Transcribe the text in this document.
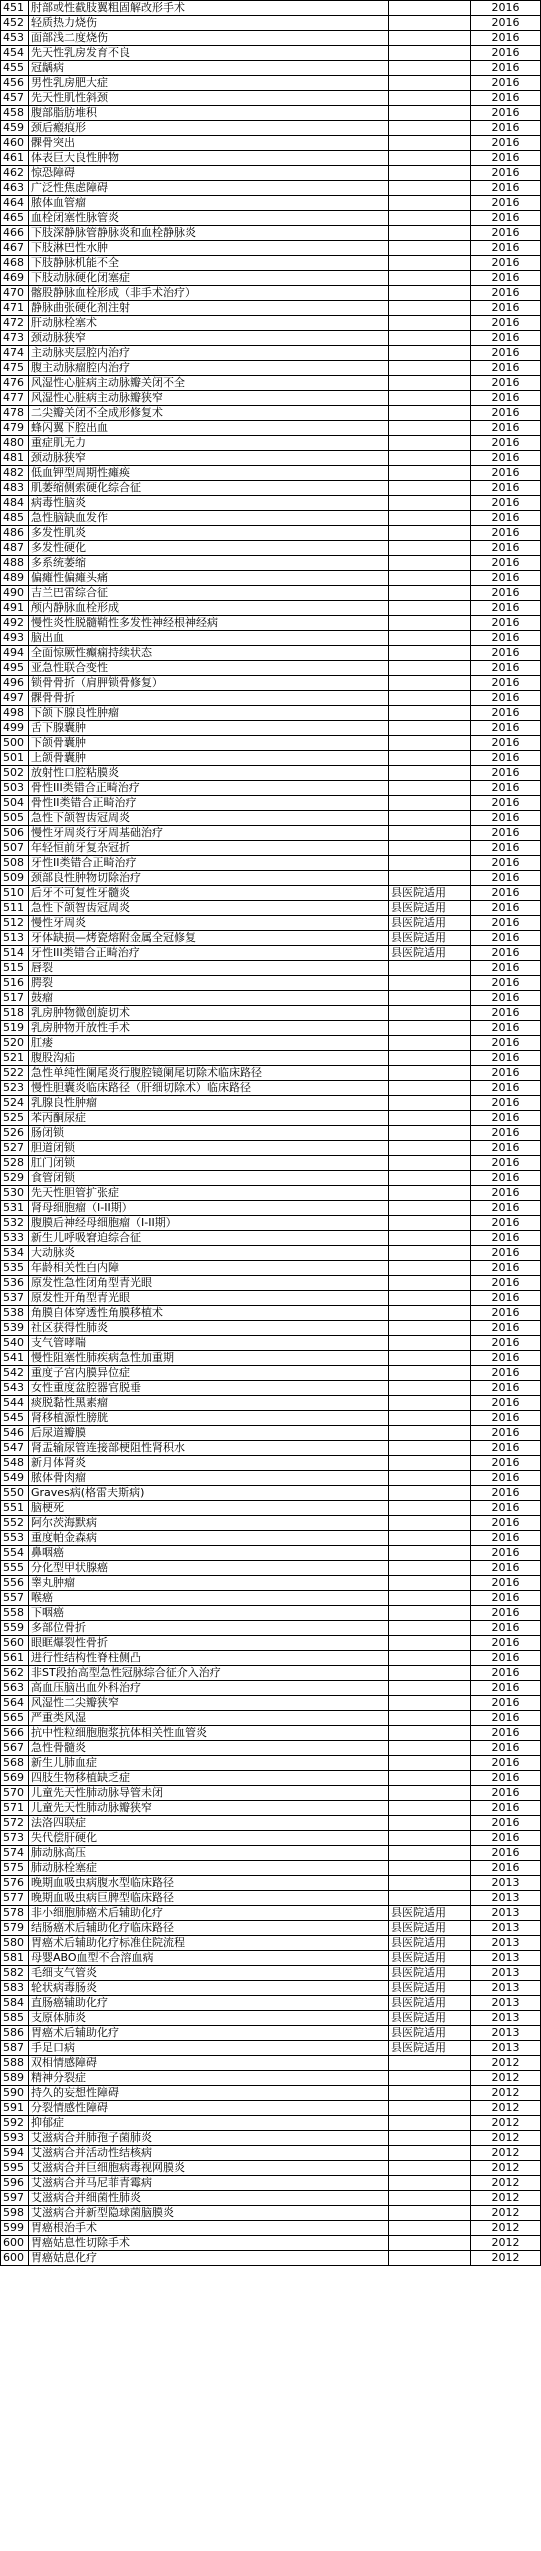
451	肘部或性截肢翼粗固解改形手术		2016
452	轻质热力烧伤		2016
453	面部浅二度烧伤		2016
454	先天性乳房发育不良		2016
455	冠龋病		2016
456	男性乳房肥大症		2016
457	先天性肌性斜颈		2016
458	腹部脂肪堆积		2016
459	颈后瘢痕形		2016
460	髁骨突出		2016
461	体表巨大良性肿物		2016
462	惊恐障碍		2016
463	广泛性焦虑障碍		2016
464	脓体血管瘤		2016
465	血栓闭塞性脉管炎		2016
466	下肢深静脉管静脉炎和血栓静脉炎		2016
467	下肢淋巴性水肿		2016
468	下肢静脉机能不全		2016
469	下肢动脉硬化闭塞症		2016
470	髂股静脉血栓形成（非手术治疗）		2016
471	静脉曲张硬化剂注射		2016
472	肝动脉栓塞术		2016
473	颈动脉狭窄		2016
474	主动脉夹层腔内治疗		2016
475	腹主动脉瘤腔内治疗		2016
476	风湿性心脏病主动脉瓣关闭不全		2016
477	风湿性心脏病主动脉瓣狭窄		2016
478	二尖瓣关闭不全成形修复术		2016
479	蜂闪翼下腔出血		2016
480	重症肌无力		2016
481	颈动脉狭窄		2016
482	低血钾型周期性瘫痪		2016
483	肌萎缩侧索硬化综合征		2016
484	病毒性脑炎		2016
485	急性脑缺血发作		2016
486	多发性肌炎		2016
487	多发性硬化		2016
488	多系统萎缩		2016
489	偏瘫性偏瘫头痛		2016
490	吉兰巴雷综合征		2016
491	颅内静脉血栓形成		2016
492	慢性炎性脱髓鞘性多发性神经根神经病		2016
493	脑出血		2016
494	全面惊厥性癫痫持续状态		2016
495	亚急性联合变性		2016
496	锁骨骨折（肩胛锁骨修复）		2016
497	髁骨骨折		2016
498	下颌下腺良性肿瘤		2016
499	舌下腺囊肿		2016
500	下颌骨囊肿		2016
501	上颌骨囊肿		2016
502	放射性口腔粘膜炎		2016
503	骨性III类错合正畸治疗		2016
504	骨性II类错合正畸治疗		2016
505	急性下颌智齿冠周炎		2016
506	慢性牙周炎行牙周基础治疗		2016
507	年轻恒前牙复杂冠折		2016
508	牙性II类错合正畸治疗		2016
509	颈部良性肿物切除治疗		2016
510	后牙不可复性牙髓炎	县医院适用	2016
511	急性下颌智齿冠周炎	县医院适用	2016
512	慢性牙周炎	县医院适用	2016
513	牙体缺损—烤瓷熔附金属全冠修复	县医院适用	2016
514	牙性III类错合正畸治疗	县医院适用	2016
515	唇裂		2016
516	腭裂		2016
517	鼓瘤		2016
518	乳房肿物微创旋切术		2016
519	乳房肿物开放性手术		2016
520	肛瘘		2016
521	腹股沟疝		2016
522	急性单纯性阑尾炎行腹腔镜阑尾切除术临床路径		2016
523	慢性胆囊炎临床路径（肝细切除术）临床路径		2016
524	乳腺良性肿瘤		2016
525	苯丙酮尿症		2016
526	肠闭锁		2016
527	胆道闭锁		2016
528	肛门闭锁		2016
529	食管闭锁		2016
530	先天性胆管扩张症		2016
531	肾母细胞瘤（I-II期）		2016
532	腹膜后神经母细胞瘤（I-II期）		2016
533	新生儿呼吸窘迫综合征		2016
534	大动脉炎		2016
535	年龄相关性白内障		2016
536	原发性急性闭角型青光眼		2016
537	原发性开角型青光眼		2016
538	角膜自体穿透性角膜移植术		2016
539	社区获得性肺炎		2016
540	支气管哮喘		2016
541	慢性阻塞性肺疾病急性加重期		2016
542	重度子宫内膜异位症		2016
543	女性重度盆腔器官脱垂		2016
544	痰脱黏性黑素瘤		2016
545	肾移植源性膀胱		2016
546	后尿道瓣膜		2016
547	肾盂输尿管连接部梗阻性肾积水		2016
548	新月体肾炎		2016
549	脓体骨肉瘤		2016
550	Graves病(格雷夫斯病)		2016
551	脑梗死		2016
552	阿尔茨海默病		2016
553	重度帕金森病		2016
554	鼻咽癌		2016
555	分化型甲状腺癌		2016
556	睾丸肿瘤		2016
557	喉癌		2016
558	下咽癌		2016
559	多部位骨折		2016
560	眼眶爆裂性骨折		2016
561	进行性结构性脊柱侧凸		2016
562	非ST段抬高型急性冠脉综合征介入治疗		2016
563	高血压脑出血外科治疗		2016
564	风湿性二尖瓣狭窄		2016
565	严重类风湿		2016
566	抗中性粒细胞胞浆抗体相关性血管炎		2016
567	急性骨髓炎		2016
568	新生儿肺血症		2016
569	四肢生物移植缺乏症		2016
570	儿童先天性肺动脉导管未闭		2016
571	儿童先天性肺动脉瓣狭窄		2016
572	法洛四联症		2016
573	失代偿肝硬化		2016
574	肺动脉高压		2016
575	肺动脉栓塞症		2016
576	晚期血吸虫病腹水型临床路径		2013
577	晚期血吸虫病巨脾型临床路径		2013
578	非小细胞肺癌术后辅助化疗	县医院适用	2013
579	结肠癌术后辅助化疗临床路径	县医院适用	2013
580	胃癌术后辅助化疗标准住院流程	县医院适用	2013
581	母婴ABO血型不合溶血病	县医院适用	2013
582	毛细支气管炎	县医院适用	2013
583	轮状病毒肠炎	县医院适用	2013
584	直肠癌辅助化疗	县医院适用	2013
585	支原体肺炎	县医院适用	2013
586	胃癌术后辅助化疗	县医院适用	2013
587	手足口病	县医院适用	2013
588	双相情感障碍		2012
589	精神分裂症		2012
590	持久的妄想性障碍		2012
591	分裂情感性障碍		2012
592	抑郁症		2012
593	艾滋病合并肺孢子菌肺炎		2012
594	艾滋病合并活动性结核病		2012
595	艾滋病合并巨细胞病毒视网膜炎		2012
596	艾滋病合并马尼菲青霉病		2012
597	艾滋病合并细菌性肺炎		2012
598	艾滋病合并新型隐球菌脑膜炎		2012
599	胃癌根治手术		2012
600	胃癌姑息性切除手术		2012
600	胃癌姑息化疗		2012
